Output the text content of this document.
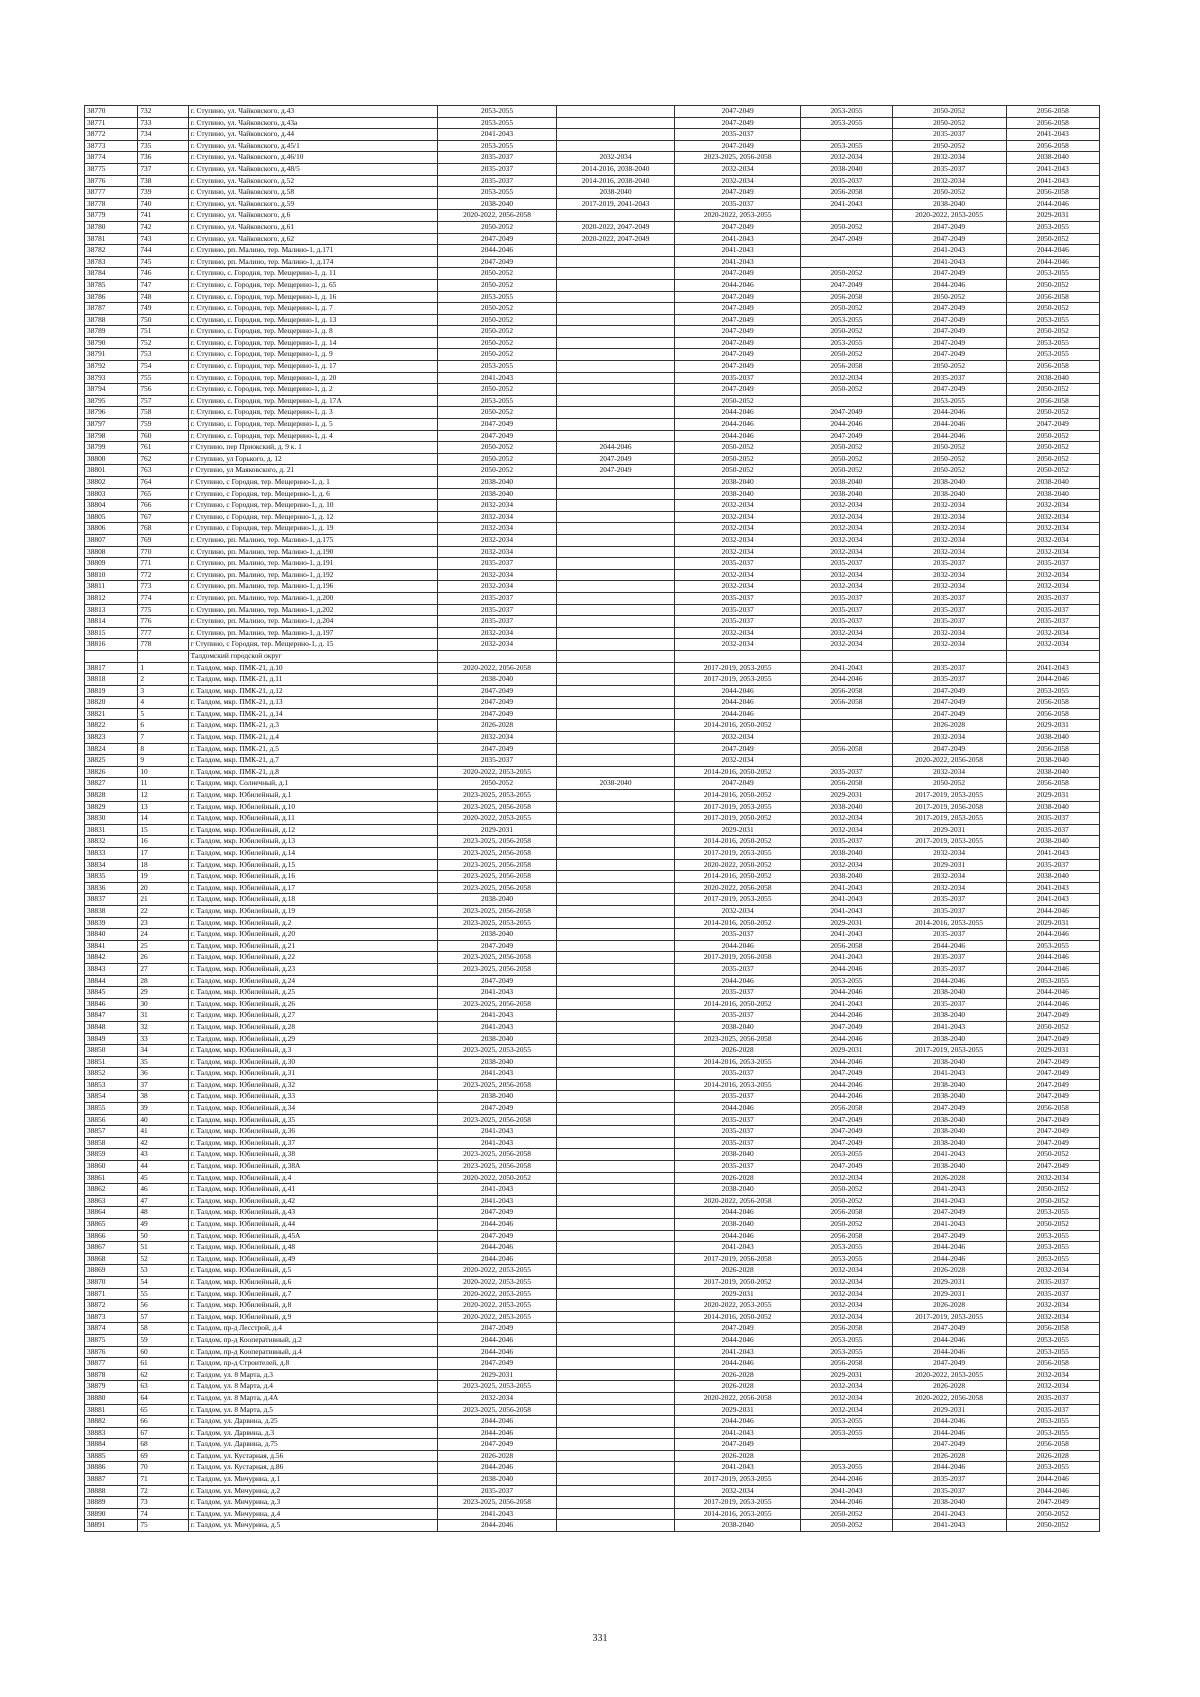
38770	732	г. Ступино, ул. Чайковского, д.43	2053-2055		2047-2049	2053-2055	2050-2052	2056-2058
38771	733	г. Ступино, ул. Чайковского, д.43а	2053-2055		2047-2049	2053-2055	2050-2052	2056-2058
38772	734	г. Ступино, ул. Чайковского, д.44	2041-2043		2035-2037		2035-2037	2041-2043
38773	735	г. Ступино, ул. Чайковского, д.45/1	2053-2055		2047-2049	2053-2055	2050-2052	2056-2058
38774	736	г. Ступино, ул. Чайковского, д.46/10	2035-2037	2032-2034	2023-2025, 2056-2058	2032-2034	2032-2034	2038-2040
38775	737	г. Ступино, ул. Чайковского, д.48/5	2035-2037	2014-2016, 2038-2040	2032-2034	2038-2040	2035-2037	2041-2043
38776	738	г. Ступино, ул. Чайковского, д.52	2035-2037	2014-2016, 2038-2040	2032-2034	2035-2037	2032-2034	2041-2043
38777	739	г. Ступино, ул. Чайковского, д.58	2053-2055	2038-2040	2047-2049	2056-2058	2050-2052	2056-2058
38778	740	г. Ступино, ул. Чайковского, д.59	2038-2040	2017-2019, 2041-2043	2035-2037	2041-2043	2038-2040	2044-2046
38779	741	г. Ступино, ул. Чайковского, д.6	2020-2022, 2056-2058		2020-2022, 2053-2055		2020-2022, 2053-2055	2029-2031
38780	742	г. Ступино, ул. Чайковского, д.61	2050-2052	2020-2022, 2047-2049	2047-2049	2050-2052	2047-2049	2053-2055
38781	743	г. Ступино, ул. Чайковского, д.62	2047-2049	2020-2022, 2047-2049	2041-2043	2047-2049	2047-2049	2050-2052
38782	744	г. Ступино, рп. Малино, тер. Малино-1, д.171	2044-2046		2041-2043		2041-2043	2044-2046
38783	745	г. Ступино, рп. Малино, тер. Малино-1, д.174	2047-2049		2041-2043		2041-2043	2044-2046
38784	746	г. Ступино, с. Городня, тер. Мещерино-1, д. 11	2050-2052		2047-2049	2050-2052	2047-2049	2053-2055
38785	747	г. Ступино, с. Городня, тер. Мещерино-1, д. 65	2050-2052		2044-2046	2047-2049	2044-2046	2050-2052
38786	748	г. Ступино, с. Городня, тер. Мещерино-1, д. 16	2053-2055		2047-2049	2056-2058	2050-2052	2056-2058
38787	749	г. Ступино, с. Городня, тер. Мещерино-1, д. 7	2050-2052		2047-2049	2050-2052	2047-2049	2050-2052
38788	750	г. Ступино, с. Городня, тер. Мещерино-1, д. 13	2050-2052		2047-2049	2053-2055	2047-2049	2053-2055
38789	751	г. Ступино, с. Городня, тер. Мещерино-1, д. 8	2050-2052		2047-2049	2050-2052	2047-2049	2050-2052
38790	752	г. Ступино, с. Городня, тер. Мещерино-1, д. 14	2050-2052		2047-2049	2053-2055	2047-2049	2053-2055
38791	753	г. Ступино, с. Городня, тер. Мещерино-1, д. 9	2050-2052		2047-2049	2050-2052	2047-2049	2053-2055
38792	754	г. Ступино, с. Городня, тер. Мещерино-1, д. 17	2053-2055		2047-2049	2056-2058	2050-2052	2056-2058
38793	755	г. Ступино, с. Городня, тер. Мещерино-1, д. 20	2041-2043		2035-2037	2032-2034	2035-2037	2038-2040
38794	756	г. Ступино, с. Городня, тер. Мещерино-1, д. 2	2050-2052		2047-2049	2050-2052	2047-2049	2050-2052
38795	757	г. Ступино, с. Городня, тер. Мещерино-1, д. 17А	2053-2055		2050-2052		2053-2055	2056-2058
38796	758	г. Ступино, с. Городня, тер. Мещерино-1, д. 3	2050-2052		2044-2046	2047-2049	2044-2046	2050-2052
38797	759	г. Ступино, с. Городня, тер. Мещерино-1, д. 5	2047-2049		2044-2046	2044-2046	2044-2046	2047-2049
38798	760	г. Ступино, с. Городня, тер. Мещерино-1, д. 4	2047-2049		2044-2046	2047-2049	2044-2046	2050-2052
38799	761	г Ступино, пер Приокский, д. 9 к. 1	2050-2052	2044-2046	2050-2052	2050-2052	2050-2052	2050-2052
38800	762	г Ступино, ул Горького, д. 12	2050-2052	2047-2049	2050-2052	2050-2052	2050-2052	2050-2052
38801	763	г Ступино, ул Маяковского, д. 21	2050-2052	2047-2049	2050-2052	2050-2052	2050-2052	2050-2052
38802	764	г Ступино, с Городня, тер. Мещерино-1, д. 1	2038-2040		2038-2040	2038-2040	2038-2040	2038-2040
38803	765	г Ступино, с Городня, тер. Мещерино-1, д. 6	2038-2040		2038-2040	2038-2040	2038-2040	2038-2040
38804	766	г Ступино, с Городня, тер. Мещерино-1, д. 10	2032-2034		2032-2034	2032-2034	2032-2034	2032-2034
38805	767	г Ступино, с Городня, тер. Мещерино-1, д. 12	2032-2034		2032-2034	2032-2034	2032-2034	2032-2034
38806	768	г Ступино, с Городня, тер. Мещерино-1, д. 19	2032-2034		2032-2034	2032-2034	2032-2034	2032-2034
38807	769	г. Ступино, рп. Малино, тер. Малино-1, д.175	2032-2034		2032-2034	2032-2034	2032-2034	2032-2034
38808	770	г. Ступино, рп. Малино, тер. Малино-1, д.190	2032-2034		2032-2034	2032-2034	2032-2034	2032-2034
38809	771	г. Ступино, рп. Малино, тер. Малино-1, д.191	2035-2037		2035-2037	2035-2037	2035-2037	2035-2037
38810	772	г. Ступино, рп. Малино, тер. Малино-1, д.192	2032-2034		2032-2034	2032-2034	2032-2034	2032-2034
38811	773	г. Ступино, рп. Малино, тер. Малино-1, д.196	2032-2034		2032-2034	2032-2034	2032-2034	2032-2034
38812	774	г. Ступино, рп. Малино, тер. Малино-1, д.200	2035-2037		2035-2037	2035-2037	2035-2037	2035-2037
38813	775	г. Ступино, рп. Малино, тер. Малино-1, д.202	2035-2037		2035-2037	2035-2037	2035-2037	2035-2037
38814	776	г. Ступино, рп. Малино, тер. Малино-1, д.204	2035-2037		2035-2037	2035-2037	2035-2037	2035-2037
38815	777	г. Ступино, рп. Малино, тер. Малино-1, д.197	2032-2034		2032-2034	2032-2034	2032-2034	2032-2034
38816	778	г Ступино, с Городня, тер. Мещерино-1, д. 15	2032-2034		2032-2034	2032-2034	2032-2034	2032-2034
		Талдомский городской округ						
38817	1	г. Талдом, мкр. ПМК-21, д.10	2020-2022, 2056-2058		2017-2019, 2053-2055	2041-2043	2035-2037	2041-2043
38818	2	г. Талдом, мкр. ПМК-21, д.11	2038-2040		2017-2019, 2053-2055	2044-2046	2035-2037	2044-2046
38819	3	г. Талдом, мкр. ПМК-21, д.12	2047-2049		2044-2046	2056-2058	2047-2049	2053-2055
38820	4	г. Талдом, мкр. ПМК-21, д.13	2047-2049		2044-2046	2056-2058	2047-2049	2056-2058
38821	5	г. Талдом, мкр. ПМК-21, д.14	2047-2049		2044-2046		2047-2049	2056-2058
38822	6	г. Талдом, мкр. ПМК-21, д.3	2026-2028		2014-2016, 2050-2052		2026-2028	2029-2031
38823	7	г. Талдом, мкр. ПМК-21, д.4	2032-2034		2032-2034		2032-2034	2038-2040
38824	8	г. Талдом, мкр. ПМК-21, д.5	2047-2049		2047-2049	2056-2058	2047-2049	2056-2058
38825	9	г. Талдом, мкр. ПМК-21, д.7	2035-2037		2032-2034		2020-2022, 2056-2058	2038-2040
38826	10	г. Талдом, мкр. ПМК-21, д.8	2020-2022, 2053-2055		2014-2016, 2050-2052	2035-2037	2032-2034	2038-2040
38827	11	г. Талдом, мкр. Солнечный, д.1	2050-2052	2038-2040	2047-2049	2056-2058	2050-2052	2056-2058
38828	12	г. Талдом, мкр. Юбилейный, д.1	2023-2025, 2053-2055		2014-2016, 2050-2052	2029-2031	2017-2019, 2053-2055	2029-2031
38829	13	г. Талдом, мкр. Юбилейный, д.10	2023-2025, 2056-2058		2017-2019, 2053-2055	2038-2040	2017-2019, 2056-2058	2038-2040
38830	14	г. Талдом, мкр. Юбилейный, д.11	2020-2022, 2053-2055		2017-2019, 2050-2052	2032-2034	2017-2019, 2053-2055	2035-2037
38831	15	г. Талдом, мкр. Юбилейный, д.12	2029-2031		2029-2031	2032-2034	2029-2031	2035-2037
38832	16	г. Талдом, мкр. Юбилейный, д.13	2023-2025, 2056-2058		2014-2016, 2050-2052	2035-2037	2017-2019, 2053-2055	2038-2040
38833	17	г. Талдом, мкр. Юбилейный, д.14	2023-2025, 2056-2058		2017-2019, 2053-2055	2038-2040	2032-2034	2041-2043
38834	18	г. Талдом, мкр. Юбилейный, д.15	2023-2025, 2056-2058		2020-2022, 2050-2052	2032-2034	2029-2031	2035-2037
38835	19	г. Талдом, мкр. Юбилейный, д.16	2023-2025, 2056-2058		2014-2016, 2050-2052	2038-2040	2032-2034	2038-2040
38836	20	г. Талдом, мкр. Юбилейный, д.17	2023-2025, 2056-2058		2020-2022, 2056-2058	2041-2043	2032-2034	2041-2043
38837	21	г. Талдом, мкр. Юбилейный, д.18	2038-2040		2017-2019, 2053-2055	2041-2043	2035-2037	2041-2043
38838	22	г. Талдом, мкр. Юбилейный, д.19	2023-2025, 2056-2058		2032-2034	2041-2043	2035-2037	2044-2046
38839	23	г. Талдом, мкр. Юбилейный, д.2	2023-2025, 2053-2055		2014-2016, 2050-2052	2029-2031	2014-2016, 2053-2055	2029-2031
38840	24	г. Талдом, мкр. Юбилейный, д.20	2038-2040		2035-2037	2041-2043	2035-2037	2044-2046
38841	25	г. Талдом, мкр. Юбилейный, д.21	2047-2049		2044-2046	2056-2058	2044-2046	2053-2055
38842	26	г. Талдом, мкр. Юбилейный, д.22	2023-2025, 2056-2058		2017-2019, 2056-2058	2041-2043	2035-2037	2044-2046
38843	27	г. Талдом, мкр. Юбилейный, д.23	2023-2025, 2056-2058		2035-2037	2044-2046	2035-2037	2044-2046
38844	28	г. Талдом, мкр. Юбилейный, д.24	2047-2049		2044-2046	2053-2055	2044-2046	2053-2055
38845	29	г. Талдом, мкр. Юбилейный, д.25	2041-2043		2035-2037	2044-2046	2038-2040	2044-2046
38846	30	г. Талдом, мкр. Юбилейный, д.26	2023-2025, 2056-2058		2014-2016, 2050-2052	2041-2043	2035-2037	2044-2046
38847	31	г. Талдом, мкр. Юбилейный, д.27	2041-2043		2035-2037	2044-2046	2038-2040	2047-2049
38848	32	г. Талдом, мкр. Юбилейный, д.28	2041-2043		2038-2040	2047-2049	2041-2043	2050-2052
38849	33	г. Талдом, мкр. Юбилейный, д.29	2038-2040		2023-2025, 2056-2058	2044-2046	2038-2040	2047-2049
38850	34	г. Талдом, мкр. Юбилейный, д.3	2023-2025, 2053-2055		2026-2028	2029-2031	2017-2019, 2053-2055	2029-2031
38851	35	г. Талдом, мкр. Юбилейный, д.30	2038-2040		2014-2016, 2053-2055	2044-2046	2038-2040	2047-2049
38852	36	г. Талдом, мкр. Юбилейный, д.31	2041-2043		2035-2037	2047-2049	2041-2043	2047-2049
38853	37	г. Талдом, мкр. Юбилейный, д.32	2023-2025, 2056-2058		2014-2016, 2053-2055	2044-2046	2038-2040	2047-2049
38854	38	г. Талдом, мкр. Юбилейный, д.33	2038-2040		2035-2037	2044-2046	2038-2040	2047-2049
38855	39	г. Талдом, мкр. Юбилейный, д.34	2047-2049		2044-2046	2056-2058	2047-2049	2056-2058
38856	40	г. Талдом, мкр. Юбилейный, д.35	2023-2025, 2056-2058		2035-2037	2047-2049	2038-2040	2047-2049
38857	41	г. Талдом, мкр. Юбилейный, д.36	2041-2043		2035-2037	2047-2049	2038-2040	2047-2049
38858	42	г. Талдом, мкр. Юбилейный, д.37	2041-2043		2035-2037	2047-2049	2038-2040	2047-2049
38859	43	г. Талдом, мкр. Юбилейный, д.38	2023-2025, 2056-2058		2038-2040	2053-2055	2041-2043	2050-2052
38860	44	г. Талдом, мкр. Юбилейный, д.38А	2023-2025, 2056-2058		2035-2037	2047-2049	2038-2040	2047-2049
38861	45	г. Талдом, мкр. Юбилейный, д.4	2020-2022, 2050-2052		2026-2028	2032-2034	2026-2028	2032-2034
38862	46	г. Талдом, мкр. Юбилейный, д.41	2041-2043		2038-2040	2050-2052	2041-2043	2050-2052
38863	47	г. Талдом, мкр. Юбилейный, д.42	2041-2043		2020-2022, 2056-2058	2050-2052	2041-2043	2050-2052
38864	48	г. Талдом, мкр. Юбилейный, д.43	2047-2049		2044-2046	2056-2058	2047-2049	2053-2055
38865	49	г. Талдом, мкр. Юбилейный, д.44	2044-2046		2038-2040	2050-2052	2041-2043	2050-2052
38866	50	г. Талдом, мкр. Юбилейный, д.45А	2047-2049		2044-2046	2056-2058	2047-2049	2053-2055
38867	51	г. Талдом, мкр. Юбилейный, д.48	2044-2046		2041-2043	2053-2055	2044-2046	2053-2055
38868	52	г. Талдом, мкр. Юбилейный, д.49	2044-2046		2017-2019, 2056-2058	2053-2055	2044-2046	2053-2055
38869	53	г. Талдом, мкр. Юбилейный, д.5	2020-2022, 2053-2055		2026-2028	2032-2034	2026-2028	2032-2034
38870	54	г. Талдом, мкр. Юбилейный, д.6	2020-2022, 2053-2055		2017-2019, 2050-2052	2032-2034	2029-2031	2035-2037
38871	55	г. Талдом, мкр. Юбилейный, д.7	2020-2022, 2053-2055		2029-2031	2032-2034	2029-2031	2035-2037
38872	56	г. Талдом, мкр. Юбилейный, д.8	2020-2022, 2053-2055		2020-2022, 2053-2055	2032-2034	2026-2028	2032-2034
38873	57	г. Талдом, мкр. Юбилейный, д.9	2020-2022, 2053-2055		2014-2016, 2050-2052	2032-2034	2017-2019, 2053-2055	2032-2034
38874	58	г. Талдом, пр-д Лесстрой, д.4	2047-2049		2047-2049	2056-2058	2047-2049	2056-2058
38875	59	г. Талдом, пр-д Кооперативный, д.2	2044-2046		2044-2046	2053-2055	2044-2046	2053-2055
38876	60	г. Талдом, пр-д Кооперативный, д.4	2044-2046		2041-2043	2053-2055	2044-2046	2053-2055
38877	61	г. Талдом, пр-д Строителей, д.8	2047-2049		2044-2046	2056-2058	2047-2049	2056-2058
38878	62	г. Талдом, ул. 8 Марта, д.3	2029-2031		2026-2028	2029-2031	2020-2022, 2053-2055	2032-2034
38879	63	г. Талдом, ул. 8 Марта, д.4	2023-2025, 2053-2055		2026-2028	2032-2034	2026-2028	2032-2034
38880	64	г. Талдом, ул. 8 Марта, д.4А	2032-2034		2020-2022, 2056-2058	2032-2034	2020-2022, 2056-2058	2035-2037
38881	65	г. Талдом, ул. 8 Марта, д.5	2023-2025, 2056-2058		2029-2031	2032-2034	2029-2031	2035-2037
38882	66	г. Талдом, ул. Дарвина, д.25	2044-2046		2044-2046	2053-2055	2044-2046	2053-2055
38883	67	г. Талдом, ул. Дарвина, д.3	2044-2046		2041-2043	2053-2055	2044-2046	2053-2055
38884	68	г. Талдом, ул. Дарвина, д.75	2047-2049		2047-2049		2047-2049	2056-2058
38885	69	г. Талдом, ул. Кустарная, д.56	2026-2028		2026-2028		2026-2028	2026-2028
38886	70	г. Талдом, ул. Кустарная, д.86	2044-2046		2041-2043	2053-2055	2044-2046	2053-2055
38887	71	г. Талдом, ул. Мичурина, д.1	2038-2040		2017-2019, 2053-2055	2044-2046	2035-2037	2044-2046
38888	72	г. Талдом, ул. Мичурина, д.2	2035-2037		2032-2034	2041-2043	2035-2037	2044-2046
38889	73	г. Талдом, ул. Мичурина, д.3	2023-2025, 2056-2058		2017-2019, 2053-2055	2044-2046	2038-2040	2047-2049
38890	74	г. Талдом, ул. Мичурина, д.4	2041-2043		2014-2016, 2053-2055	2050-2052	2041-2043	2050-2052
38891	75	г. Талдом, ул. Мичурина, д.5	2044-2046		2038-2040	2050-2052	2041-2043	2050-2052
331
